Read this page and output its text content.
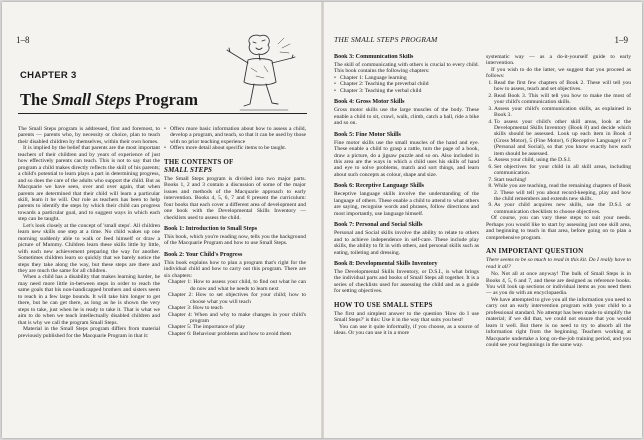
1–8
CHAPTER 3
The Small Steps Program

The Small Steps program is addressed, first and foremost, to parents — parents who, by necessity or choice, plan to teach their disabled children by themselves, within their own homes.

It is implied by the belief that parents are the most important teachers of their children and by years of experience of just how effectively parents can teach. This is not to say that the program a child makes directly reflects the skill of his parents; a child's potential to learn plays a part in determining progress, and so does the care of the adults who support the child. But as Macquarie we have seen, over and over again, that when parents are determined that their child will learn a particular skill, learn it he will. Our role as teachers has been to help parents to identify the steps by which their child can progress towards a particular goal, and to suggest ways in which each step can be taught.

Let's look closely at the concept of 'small steps'. All children learn new skills one step at a time. No child wakes up one morning suddenly able to walk or feed himself or draw a picture of Mummy. Children learn these skills little by little, with each new achievement preparing the way for another. Sometimes children learn so quickly that we barely notice the steps they take along the way, but these steps are there and they are much the same for all children.

When a child has a disability that makes learning harder, he may need more little in-between steps in order to reach the same goals that his non-handicapped brothers and sisters seem to reach in a few large bounds. It will take him longer to get there, but he can get there, as long as he is shown the very steps to take, just when he is ready to take it. That is what we aim to do when we teach intellectually disabled children and that is why we call the program Small Steps.

Material in the Small Steps program differs from material previously published for the Macquarie Program in that it:

• Offers more basic information about how to assess a child, develop a program, and teach, so that it can be used by those with no prior teaching experience
• Offers more detail about specific items to be taught.
THE CONTENTS OF
SMALL STEPS

The Small Steps program is divided into two major parts. Books 1, 2 and 3 contain a discussion of some of the major issues and methods of the Macquarie approach to early intervention. Books 4, 5, 6, 7 and 8 present the curriculum: four books that each cover a different area of development and one book with the Developmental Skills Inventory — checklists used to assess the child.

Book 1: Introduction to Small Steps

This book, which you're reading now, tells you the background of the Macquarie Program and how to use Small Steps.

Book 2: Your Child's Progress

This book explains how to plan a program that's right for the individual child and how to carry out this program. There are six chapters:

• Chapter 1: How to assess your child, to find out what he can do now and what he needs to learn next
• Chapter 2: How to set objectives for your child; how to choose what you will teach
• Chapter 3: How to teach
• Chapter 4: When and why to make changes in your child's program
• Chapter 5: The importance of play
• Chapter 6: Behaviour problems and how to avoid them
THE SMALL STEPS PROGRAM	1–9
Book 3: Communication Skills

The skill of communicating with others is crucial to every child. This book contains the following chapters:

• Chapter 1: Language learning
• Chapter 2: Teaching the preverbal child
• Chapter 3: Teaching the verbal child
Book 4: Gross Motor Skills

Gross motor skills use the large muscles of the body. These enable a child to sit, crawl, walk, climb, catch a ball, ride a bike and so on.

Book 5: Fine Motor Skills

Fine motor skills use the small muscles of the hand and eye. These enable a child to grasp a rattle, turn the page of a book, draw a picture, do a jigsaw puzzle and so on. Also included in this area are the ways in which a child uses his skills of hand and eye to solve problems, match and sort things, and learn about such concepts as colour, shape and size.

Book 6: Receptive Language Skills

Receptive language skills involve the understanding of the language of others. These enable a child to attend to what others are saying, recognise words and phrases, follow directions and most importantly, use language himself.

Book 7: Personal and Social Skills

Personal and Social skills involve the ability to relate to others and to achieve independence in self-care. These include play skills, the ability to fit in with others, and personal skills such as eating, toileting and dressing.

Book 8: Developmental Skills Inventory

The Developmental Skills Inventory, or D.S.I., is what brings the individual parts and books of Small Steps all together. It is a series of checklists used for assessing the child and as a guide for setting objectives.

HOW TO USE SMALL STEPS

The first and simplest answer to the question 'How do I use Small Steps?' is this: Use it in the way that suits you best!

You can use it quite informally, if you choose, as a source of ideas. Or you can use it in a more

systematic way — as a do-it-yourself guide to early intervention.

If you wish to do the latter, we suggest that you proceed as follows:

1. Read the first few chapters of Book 2. These will tell you how to assess, teach and set objectives.
2. Read Book 3. This will tell you how to make the most of your child's communication skills.
3. Assess your child's communication skills, as explained in Book 3.
4. To assess your child's other skill areas, look at the Developmental Skills Inventory (Book 8) and decide which skills should be assessed. Look up each item in Book 4 (Gross Motor), 5 (Fine Motor), 6 (Receptive Language) or 7 (Personal and Social), so that you know exactly how each item should be assessed.
5. Assess your child, using the D.S.I.
6. Set objectives for your child in all skill areas, including communication.
7. Start teaching!
8. While you are teaching, read the remaining chapters of Book 2. These will tell you about record-keeping, play and how the child remembers and extends new skills.
9. As your child acquires new skills, use the D.S.I. or communication checklists to choose objectives.

Of course, you can vary these steps to suit your needs. Perhaps you would like to start by assessing just one skill area, and beginning to teach in that area, before going on to plan a comprehensive program.

AN IMPORTANT QUESTION

There seems to be so much to read in this kit. Do I really have to read it all?

No. Not all at once anyway! The bulk of Small Steps is in Books 4, 5, 6 and 7, and these are designed as reference books. You will look up sections or individual items as you need them — as you do with an encyclopaedia.

We have attempted to give you all the information you need to carry out an early intervention program with your child to a professional standard. No attempt has been made to simplify the material; if we did that, we could not ensure that you would learn it well. But there is no need to try to absorb all the information right from the beginning. Teachers working at Macquarie undertake a long on-the-job training period, and you could see your beginnings in the same way.
